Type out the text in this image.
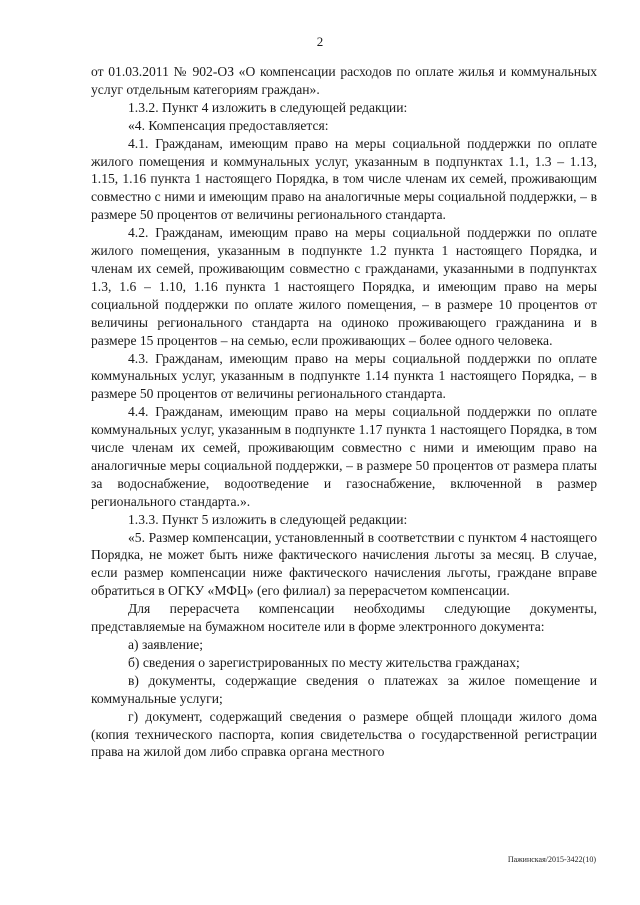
2

от 01.03.2011 № 902-ОЗ «О компенсации расходов по оплате жилья и коммунальных услуг отдельным категориям граждан».

1.3.2. Пункт 4 изложить в следующей редакции:

«4. Компенсация предоставляется:

4.1. Гражданам, имеющим право на меры социальной поддержки по оплате жилого помещения и коммунальных услуг, указанным в подпунктах 1.1, 1.3 – 1.13, 1.15, 1.16 пункта 1 настоящего Порядка, в том числе членам их семей, проживающим совместно с ними и имеющим право на аналогичные меры социальной поддержки, – в размере 50 процентов от величины регионального стандарта.

4.2. Гражданам, имеющим право на меры социальной поддержки по оплате жилого помещения, указанным в подпункте 1.2 пункта 1 настоящего Порядка, и членам их семей, проживающим совместно с гражданами, указанными в подпунктах 1.3, 1.6 – 1.10, 1.16 пункта 1 настоящего Порядка, и имеющим право на меры социальной поддержки по оплате жилого помещения, – в размере 10 процентов от величины регионального стандарта на одиноко проживающего гражданина и в размере 15 процентов – на семью, если проживающих – более одного человека.

4.3. Гражданам, имеющим право на меры социальной поддержки по оплате коммунальных услуг, указанным в подпункте 1.14 пункта 1 настоящего Порядка, – в размере 50 процентов от величины регионального стандарта.

4.4. Гражданам, имеющим право на меры социальной поддержки по оплате коммунальных услуг, указанным в подпункте 1.17 пункта 1 настоящего Порядка, в том числе членам их семей, проживающим совместно с ними и имеющим право на аналогичные меры социальной поддержки, – в размере 50 процентов от размера платы за водоснабжение, водоотведение и газоснабжение, включенной в размер регионального стандарта.».

1.3.3. Пункт 5 изложить в следующей редакции:

«5. Размер компенсации, установленный в соответствии с пунктом 4 настоящего Порядка, не может быть ниже фактического начисления льготы за месяц. В случае, если размер компенсации ниже фактического начисления льготы, граждане вправе обратиться в ОГКУ «МФЦ» (его филиал) за перерасчетом компенсации.

Для перерасчета компенсации необходимы следующие документы, представляемые на бумажном носителе или в форме электронного документа:

а) заявление;

б) сведения о зарегистрированных по месту жительства гражданах;

в) документы, содержащие сведения о платежах за жилое помещение и коммунальные услуги;

г) документ, содержащий сведения о размере общей площади жилого дома (копия технического паспорта, копия свидетельства о государственной регистрации права на жилой дом либо справка органа местного

Пажинская/2015-3422(10)
